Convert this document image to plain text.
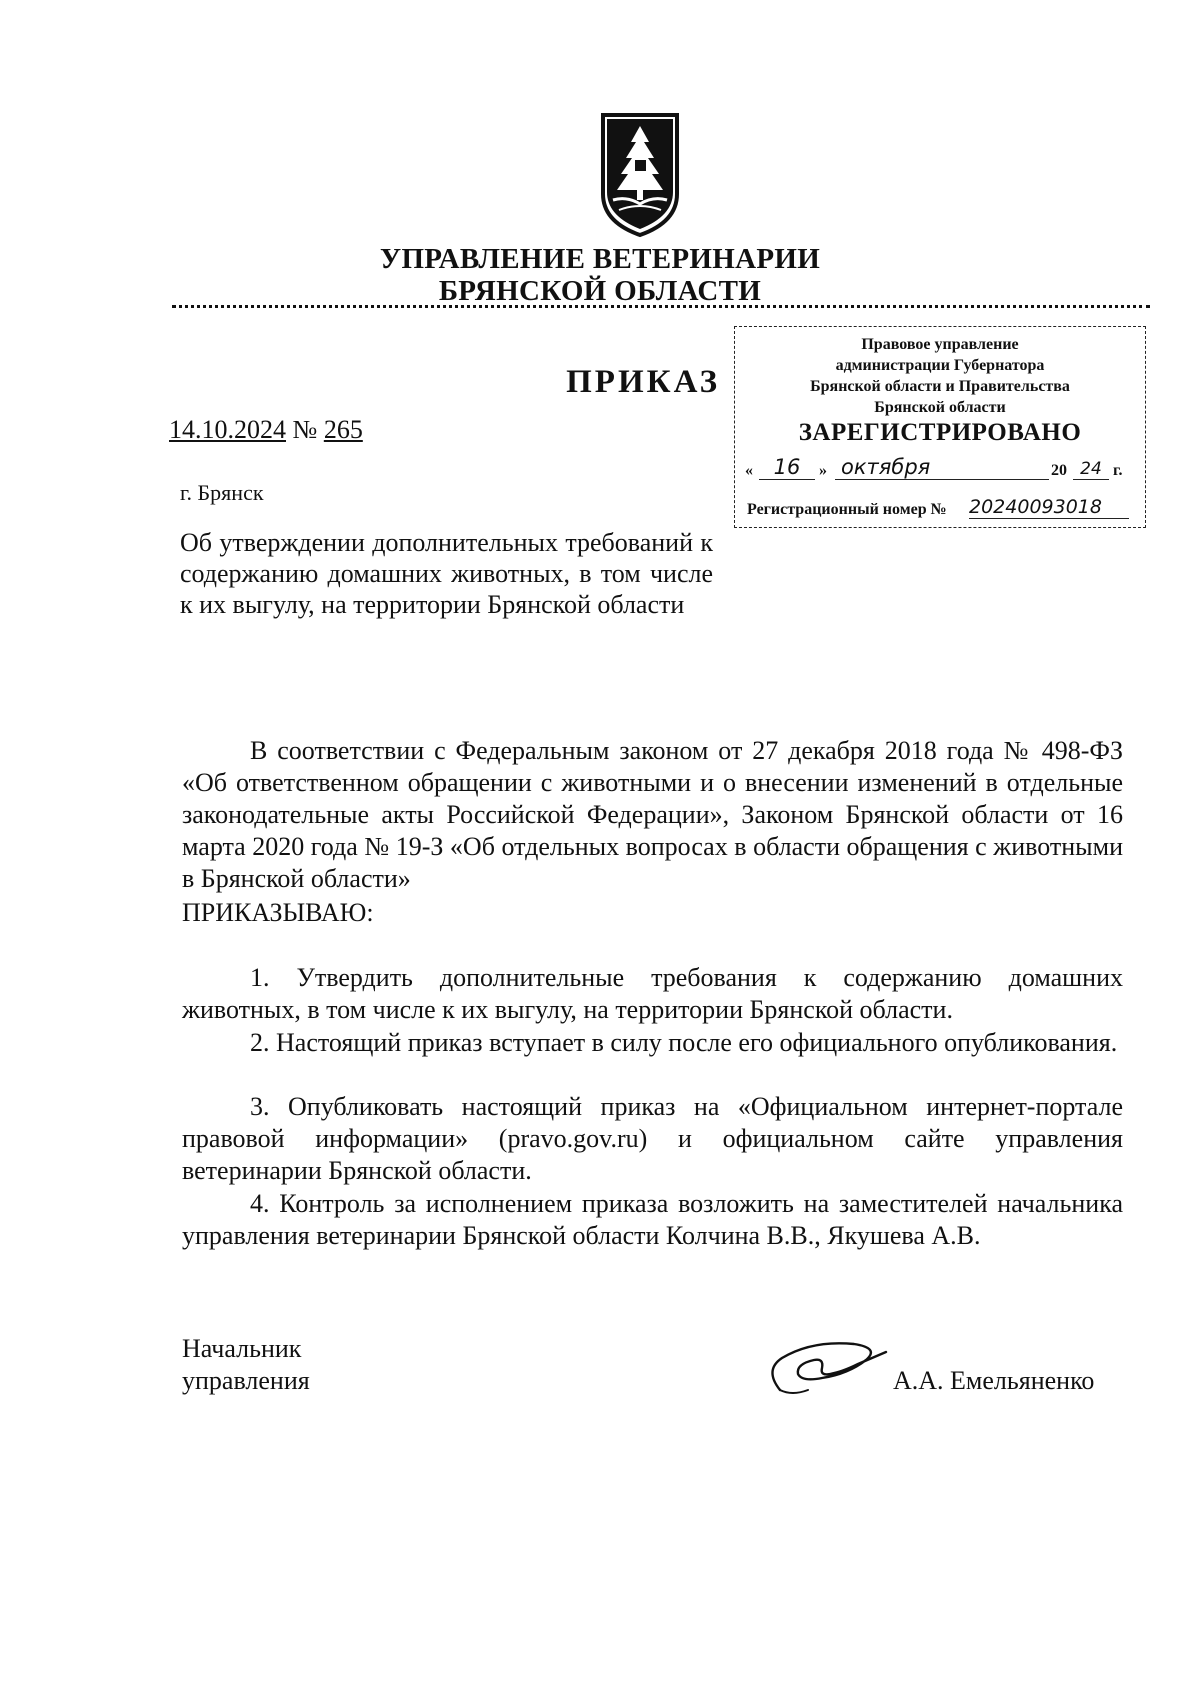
УПРАВЛЕНИЕ ВЕТЕРИНАРИИ
БРЯНСКОЙ ОБЛАСТИ
ПРИКАЗ
14.10.2024 № 265
г. Брянск
Об утверждении дополнительных требований к содержанию домашних животных, в том числе к их выгулу, на территории Брянской области
Правовое управление
администрации Губернатора
Брянской области и Правительства
Брянской области
ЗАРЕГИСТРИРОВАНО
« 16	» октября	20 24 г.
Регистрационный номер № 20240093018
В соответствии с Федеральным законом от 27 декабря 2018 года № 498-ФЗ «Об ответственном обращении с животными и о внесении изменений в отдельные законодательные акты Российской Федерации», Законом Брянской области от 16 марта 2020 года № 19-З «Об отдельных вопросах в области обращения с животными в Брянской области»
ПРИКАЗЫВАЮ:
1. Утвердить дополнительные требования к содержанию домашних животных, в том числе к их выгулу, на территории Брянской области.
2. Настоящий приказ вступает в силу после его официального опубликования.
3. Опубликовать настоящий приказ на «Официальном интернет-портале правовой информации» (pravo.gov.ru) и официальном сайте управления ветеринарии Брянской области.
4. Контроль за исполнением приказа возложить на заместителей начальника управления ветеринарии Брянской области Колчина В.В., Якушева А.В.
Начальник
управления	А.А. Емельяненко
